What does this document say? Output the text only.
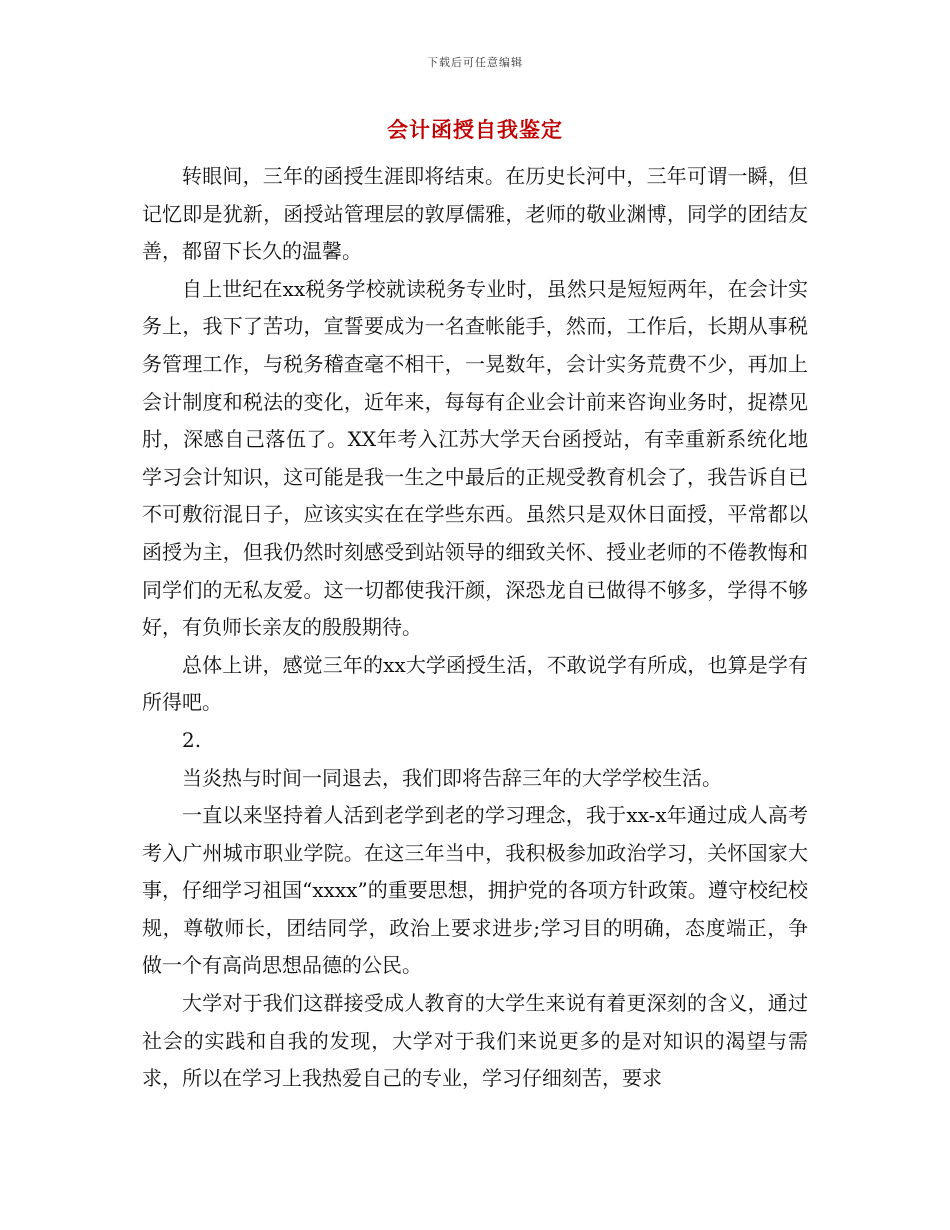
下载后可任意编辑
会计函授自我鉴定

转眼间，三年的函授生涯即将结束。在历史长河中，三年可谓一瞬，但记忆即是犹新，函授站管理层的敦厚儒雅，老师的敬业渊博，同学的团结友善，都留下长久的温馨。

自上世纪在xx税务学校就读税务专业时，虽然只是短短两年，在会计实务上，我下了苦功，宣誓要成为一名查帐能手，然而，工作后，长期从事税务管理工作，与税务稽查毫不相干，一晃数年，会计实务荒费不少，再加上会计制度和税法的变化，近年来，每每有企业会计前来咨询业务时，捉襟见肘，深感自己落伍了。XX年考入江苏大学天台函授站，有幸重新系统化地学习会计知识，这可能是我一生之中最后的正规受教育机会了，我告诉自已不可敷衍混日子，应该实实在在学些东西。虽然只是双休日面授，平常都以函授为主，但我仍然时刻感受到站领导的细致关怀、授业老师的不倦教悔和同学们的无私友爱。这一切都使我汗颜，深恐龙自已做得不够多，学得不够好，有负师长亲友的殷殷期待。

总体上讲，感觉三年的xx大学函授生活，不敢说学有所成，也算是学有所得吧。

2.

当炎热与时间一同退去，我们即将告辞三年的大学学校生活。

一直以来坚持着人活到老学到老的学习理念，我于xx-x年通过成人高考考入广州城市职业学院。在这三年当中，我积极参加政治学习，关怀国家大事，仔细学习祖国“xxxx”的重要思想，拥护党的各项方针政策。遵守校纪校规，尊敬师长，团结同学，政治上要求进步;学习目的明确，态度端正，争做一个有高尚思想品德的公民。

大学对于我们这群接受成人教育的大学生来说有着更深刻的含义，通过社会的实践和自我的发现，大学对于我们来说更多的是对知识的渴望与需求，所以在学习上我热爱自己的专业，学习仔细刻苦，要求
